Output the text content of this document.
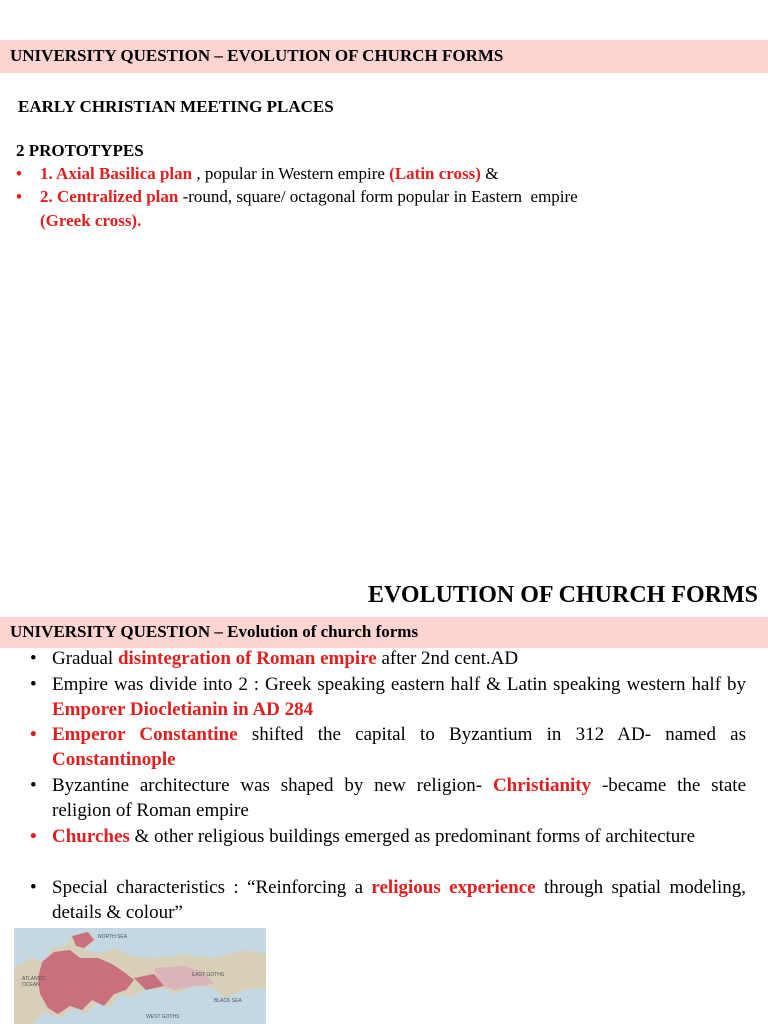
UNIVERSITY QUESTION – EVOLUTION OF CHURCH FORMS
EARLY CHRISTIAN MEETING PLACES
2 PROTOTYPES
• 1. Axial Basilica plan , popular in Western empire (Latin cross) &
• 2. Centralized plan -round, square/ octagonal form popular in Eastern  empire
(Greek cross).
EVOLUTION OF CHURCH FORMS
UNIVERSITY QUESTION – Evolution of church forms
• Gradual disintegration of Roman empire after 2nd cent.AD
• Empire was divide into 2 : Greek speaking eastern half & Latin speaking western half by Emporer Diocletianin in AD 284
• Emperor Constantine shifted the capital to Byzantium in 312 AD- named as Constantinople
• Byzantine architecture was shaped by new religion- Christianity -became the state religion of Roman empire
• Churches & other religious buildings emerged as predominant forms of architecture
• Special characteristics : “Reinforcing a religious experience through spatial modeling, details & colour”
ATLANTIC
OCEAN
NORTH SEA
EAST GOTHS
BLACK SEA
WEST GOTHS
